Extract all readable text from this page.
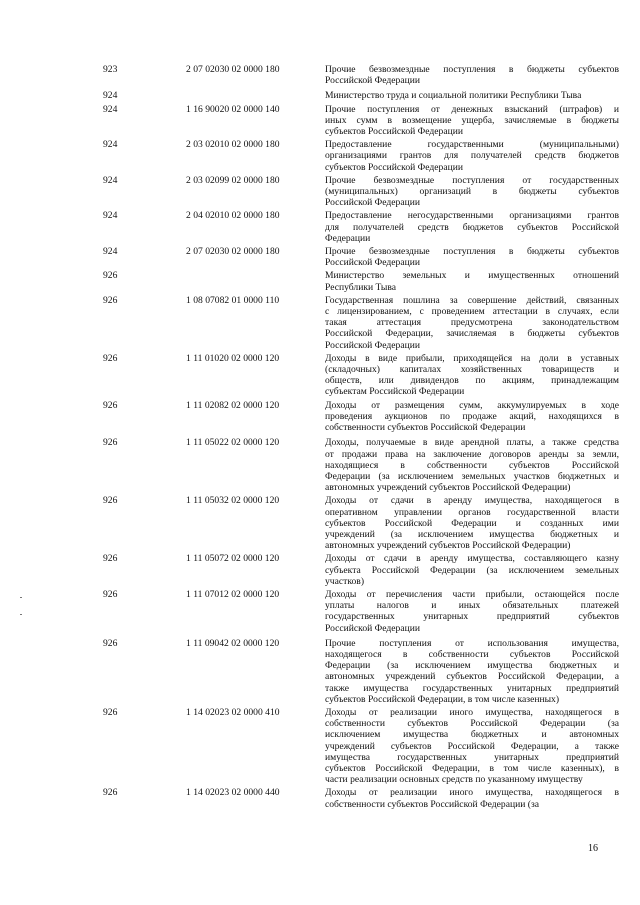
923	2 07 02030 02 0000 180	Прочие безвозмездные поступления в бюджеты субъектов
Российской Федерации
924	Министерство труда и социальной политики Республики Тыва
924	1 16 90020 02 0000 140	Прочие поступления от денежных взысканий (штрафов) и
иных сумм в возмещение ущерба, зачисляемые в бюджеты
субъектов Российской Федерации
924	2 03 02010 02 0000 180	Предоставление государственными (муниципальными)
организациями грантов для получателей средств бюджетов
субъектов Российской Федерации
924	2 03 02099 02 0000 180	Прочие безвозмездные поступления от государственных
(муниципальных) организаций в бюджеты субъектов
Российской Федерации
924	2 04 02010 02 0000 180	Предоставление негосударственными организациями грантов
для получателей средств бюджетов субъектов Российской
Федерации
924	2 07 02030 02 0000 180	Прочие безвозмездные поступления в бюджеты субъектов
Российской Федерации
926	Министерство земельных и имущественных отношений
Республики Тыва
926	1 08 07082 01 0000 110	Государственная пошлина за совершение действий, связанных
с лицензированием, с проведением аттестации в случаях, если
такая аттестация предусмотрена законодательством
Российской Федерации, зачисляемая в бюджеты субъектов
Российской Федерации
926	1 11 01020 02 0000 120	Доходы в виде прибыли, приходящейся на доли в уставных
(складочных) капиталах хозяйственных товариществ и
обществ, или дивидендов по акциям, принадлежащим
субъектам Российской Федерации
926	1 11 02082 02 0000 120	Доходы от размещения сумм, аккумулируемых в ходе
проведения аукционов по продаже акций, находящихся в
собственности субъектов Российской Федерации
926	1 11 05022 02 0000 120	Доходы, получаемые в виде арендной платы, а также средства
от продажи права на заключение договоров аренды за земли,
находящиеся в собственности субъектов Российской
Федерации (за исключением земельных участков бюджетных и
автономных учреждений субъектов Российской Федерации)
926	1 11 05032 02 0000 120	Доходы от сдачи в аренду имущества, находящегося в
оперативном управлении органов государственной власти
субъектов Российской Федерации и созданных ими
учреждений (за исключением имущества бюджетных и
автономных учреждений субъектов Российской Федерации)
926	1 11 05072 02 0000 120	Доходы от сдачи в аренду имущества, составляющего казну
субъекта Российской Федерации (за исключением земельных
участков)
926	1 11 07012 02 0000 120	Доходы от перечисления части прибыли, остающейся после
уплаты налогов и иных обязательных платежей
государственных унитарных предприятий субъектов
Российской Федерации
926	1 11 09042 02 0000 120	Прочие поступления от использования имущества,
находящегося в собственности субъектов Российской
Федерации (за исключением имущества бюджетных и
автономных учреждений субъектов Российской Федерации, а
также имущества государственных унитарных предприятий
субъектов Российской Федерации, в том числе казенных)
926	1 14 02023 02 0000 410	Доходы от реализации иного имущества, находящегося в
собственности субъектов Российской Федерации (за
исключением имущества бюджетных и автономных
учреждений субъектов Российской Федерации, а также
имущества государственных унитарных предприятий
субъектов Российской Федерации, в том числе казенных), в
части реализации основных средств по указанному имуществу
926	1 14 02023 02 0000 440	Доходы от реализации иного имущества, находящегося в
собственности субъектов Российской Федерации (за
16
